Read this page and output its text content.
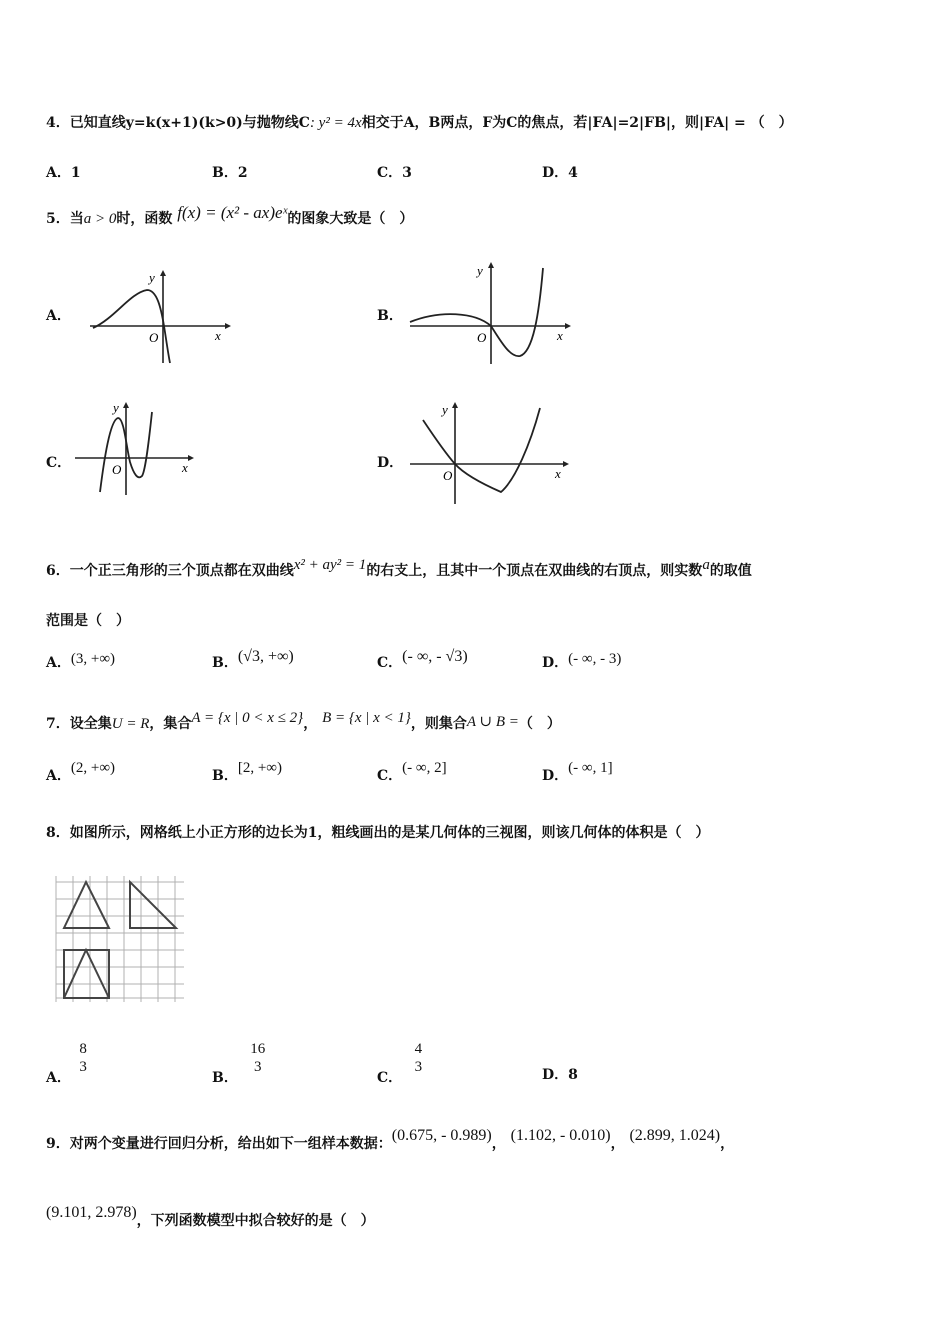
4．已知直线y=k(x+1)(k>0)与抛物线C: y² = 4x相交于A，B两点，F为C的焦点，若|FA|=2|FB|，则|FA| = （　）
A．1	B．2	C．3	D．4
5．当a > 0时，函数 f(x) = (x² - ax)eˣ的图象大致是（　）
A．	B．
C．	D．
x
y
O	x
y
O
x
y
O	x
y
O
6．一个正三角形的三个顶点都在双曲线x² + ay² = 1的右支上，且其中一个顶点在双曲线的右顶点，则实数a的取值
范围是（　）
A．(3, +∞)	B．(√3, +∞)	C．(- ∞, - √3)	D．(- ∞, - 3)
7．设全集U = R，集合A = {x | 0 < x ≤ 2}， B = {x | x < 1}，则集合A ∪ B =（　）
A．(2, +∞)	B．[2, +∞)	C．(- ∞, 2]	D．(- ∞, 1]
8．如图所示，网格纸上小正方形的边长为1，粗线画出的是某几何体的三视图，则该几何体的体积是（　）
A．
8
3
B．
16
3
C．
4
3	D．8
9．对两个变量进行回归分析，给出如下一组样本数据：(0.675, - 0.989)， (1.102, - 0.010)， (2.899, 1.024)，
(9.101, 2.978)，下列函数模型中拟合较好的是（　）
